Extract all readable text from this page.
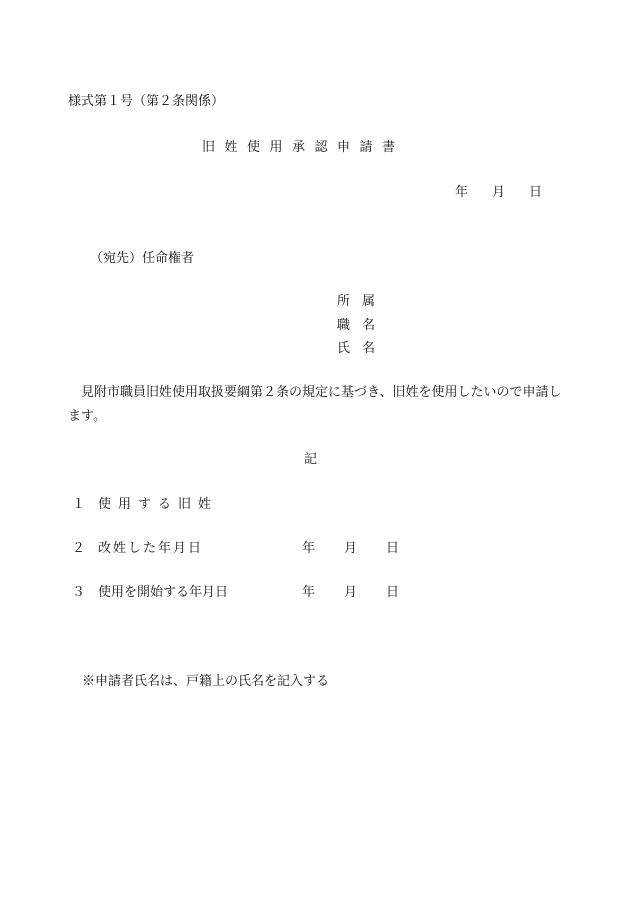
様式第１号（第２条関係）
旧姓使用承認申請書
年 月 日
（宛先）任命権者
所属
職名
氏名
見附市職員旧姓使用取扱要綱第２条の規定に基づき、旧姓を使用したいので申請します。
記
１ 使用する旧姓
２ 改姓した年月日	年 月 日
３ 使用を開始する年月日	年 月 日
※申請者氏名は、戸籍上の氏名を記入する
